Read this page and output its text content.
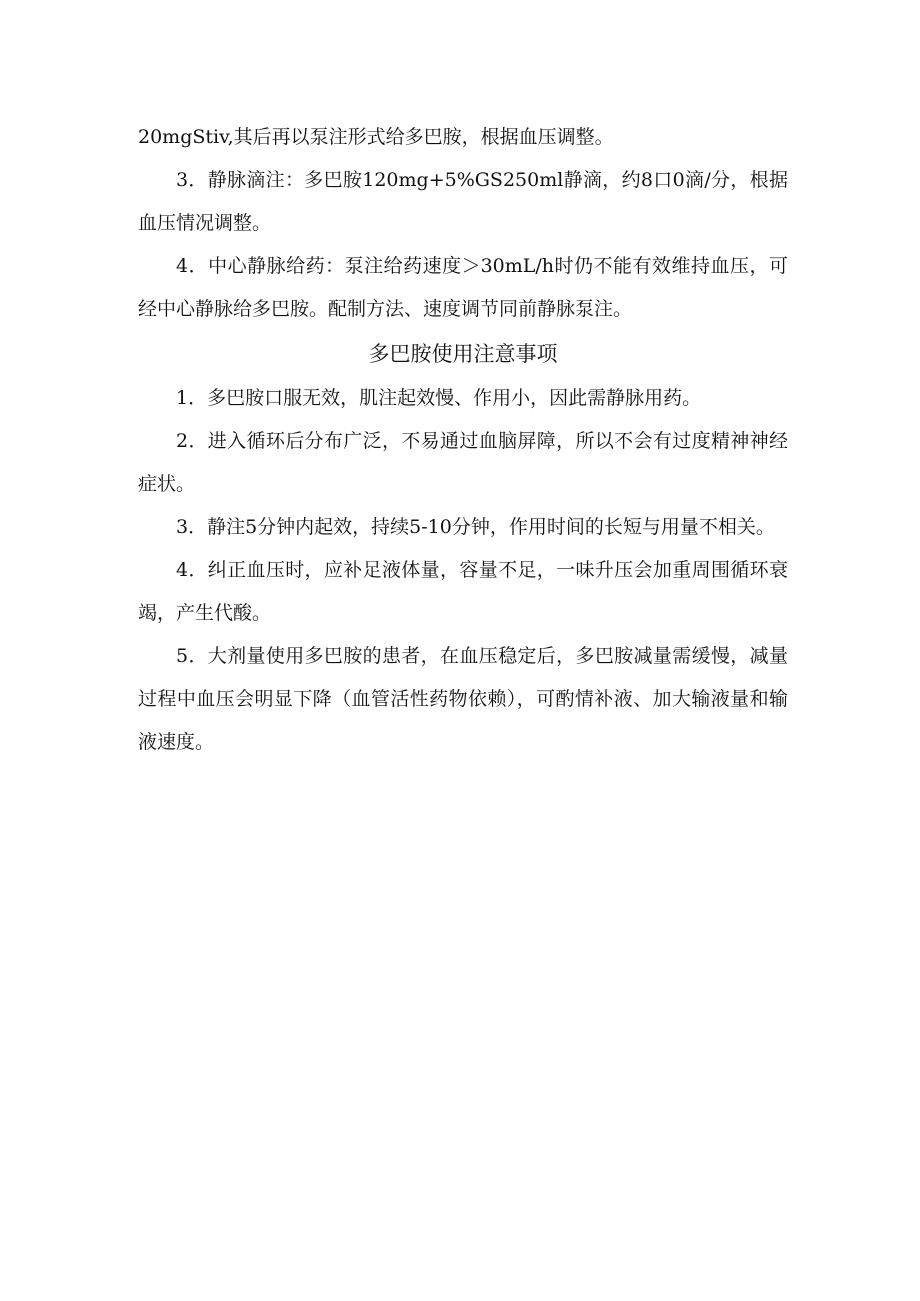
20mgStiv,其后再以泵注形式给多巴胺，根据血压调整。

3．静脉滴注：多巴胺120mg+5%GS250ml静滴，约8口0滴/分，根据血压情况调整。

4．中心静脉给药：泵注给药速度＞30mL/h时仍不能有效维持血压，可经中心静脉给多巴胺。配制方法、速度调节同前静脉泵注。

多巴胺使用注意事项

1．多巴胺口服无效，肌注起效慢、作用小，因此需静脉用药。

2．进入循环后分布广泛，不易通过血脑屏障，所以不会有过度精神神经症状。

3．静注5分钟内起效，持续5-10分钟，作用时间的长短与用量不相关。

4．纠正血压时，应补足液体量，容量不足，一味升压会加重周围循环衰竭，产生代酸。

5．大剂量使用多巴胺的患者，在血压稳定后，多巴胺减量需缓慢，减量过程中血压会明显下降（血管活性药物依赖），可酌情补液、加大输液量和输液速度。
